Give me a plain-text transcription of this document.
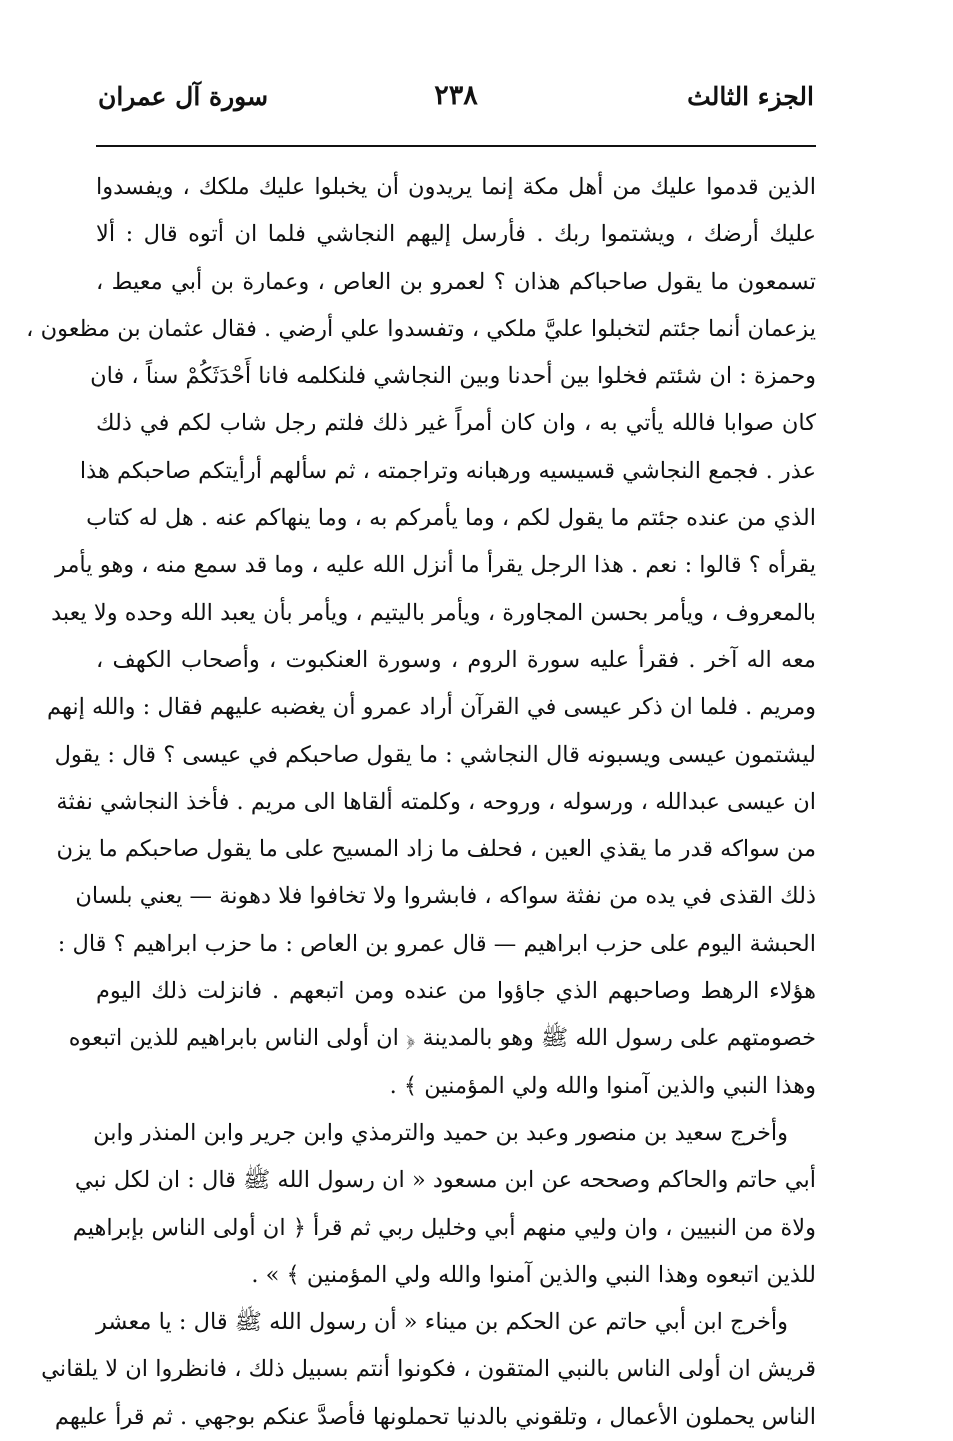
الجزء الثالث
٢٣٨
سورة آل عمران
الذين قدموا عليك من أهل مكة إنما يريدون أن يخبلوا عليك ملكك ، ويفسدوا
عليك أرضك ، ويشتموا ربك . فأرسل إليهم النجاشي فلما ان أتوه قال : ألا
تسمعون ما يقول صاحباكم هذان ؟ لعمرو بن العاص ، وعمارة بن أبي معيط ،
يزعمان أنما جئتم لتخبلوا عليَّ ملكي ، وتفسدوا علي أرضي . فقال عثمان بن مظعون ،
وحمزة : ان شئتم فخلوا بين أحدنا وبين النجاشي فلنكلمه فانا أَحْدَثَكُمْ سناً ، فان
كان صوابا فالله يأتي به ، وان كان أمراً غير ذلك فلتم رجل شاب لكم في ذلك
عذر . فجمع النجاشي قسيسيه ورهبانه وتراجمته ، ثم سألهم أرأيتكم صاحبكم هذا
الذي من عنده جئتم ما يقول لكم ، وما يأمركم به ، وما ينهاكم عنه . هل له كتاب
يقرأه ؟ قالوا : نعم . هذا الرجل يقرأ ما أنزل الله عليه ، وما قد سمع منه ، وهو يأمر
بالمعروف ، ويأمر بحسن المجاورة ، ويأمر باليتيم ، ويأمر بأن يعبد الله وحده ولا يعبد
معه اله آخر . فقرأ عليه سورة الروم ، وسورة العنكبوت ، وأصحاب الكهف ،
ومريم . فلما ان ذكر عيسى في القرآن أراد عمرو أن يغضبه عليهم فقال : والله إنهم
ليشتمون عيسى ويسبونه قال النجاشي : ما يقول صاحبكم في عيسى ؟ قال : يقول
ان عيسى عبدالله ، ورسوله ، وروحه ، وكلمته ألقاها الى مريم . فأخذ النجاشي نفثة
من سواكه قدر ما يقذي العين ، فحلف ما زاد المسيح على ما يقول صاحبكم ما يزن
ذلك القذى في يده من نفثة سواكه ، فابشروا ولا تخافوا فلا دهونة — يعني بلسان
الحبشة اليوم على حزب ابراهيم — قال عمرو بن العاص : ما حزب ابراهيم ؟ قال :
هؤلاء الرهط وصاحبهم الذي جاؤوا من عنده ومن اتبعهم . فانزلت ذلك اليوم
خصومتهم على رسول الله ﷺ وهو بالمدينة ﴿ ان أولى الناس بابراهيم للذين اتبعوه
وهذا النبي والذين آمنوا والله ولي المؤمنين ﴾ .
وأخرج سعيد بن منصور وعبد بن حميد والترمذي وابن جرير وابن المنذر وابن
أبي حاتم والحاكم وصححه عن ابن مسعود « ان رسول الله ﷺ قال : ان لكل نبي
ولاة من النبيين ، وان وليي منهم أبي وخليل ربي ثم قرأ ﴿ ان أولى الناس بإبراهيم
للذين اتبعوه وهذا النبي والذين آمنوا والله ولي المؤمنين ﴾ » .
وأخرج ابن أبي حاتم عن الحكم بن ميناء « أن رسول الله ﷺ قال : يا معشر
قريش ان أولى الناس بالنبي المتقون ، فكونوا أنتم بسبيل ذلك ، فانظروا ان لا يلقاني
الناس يحملون الأعمال ، وتلقوني بالدنيا تحملونها فأصدَّ عنكم بوجهي . ثم قرأ عليهم
